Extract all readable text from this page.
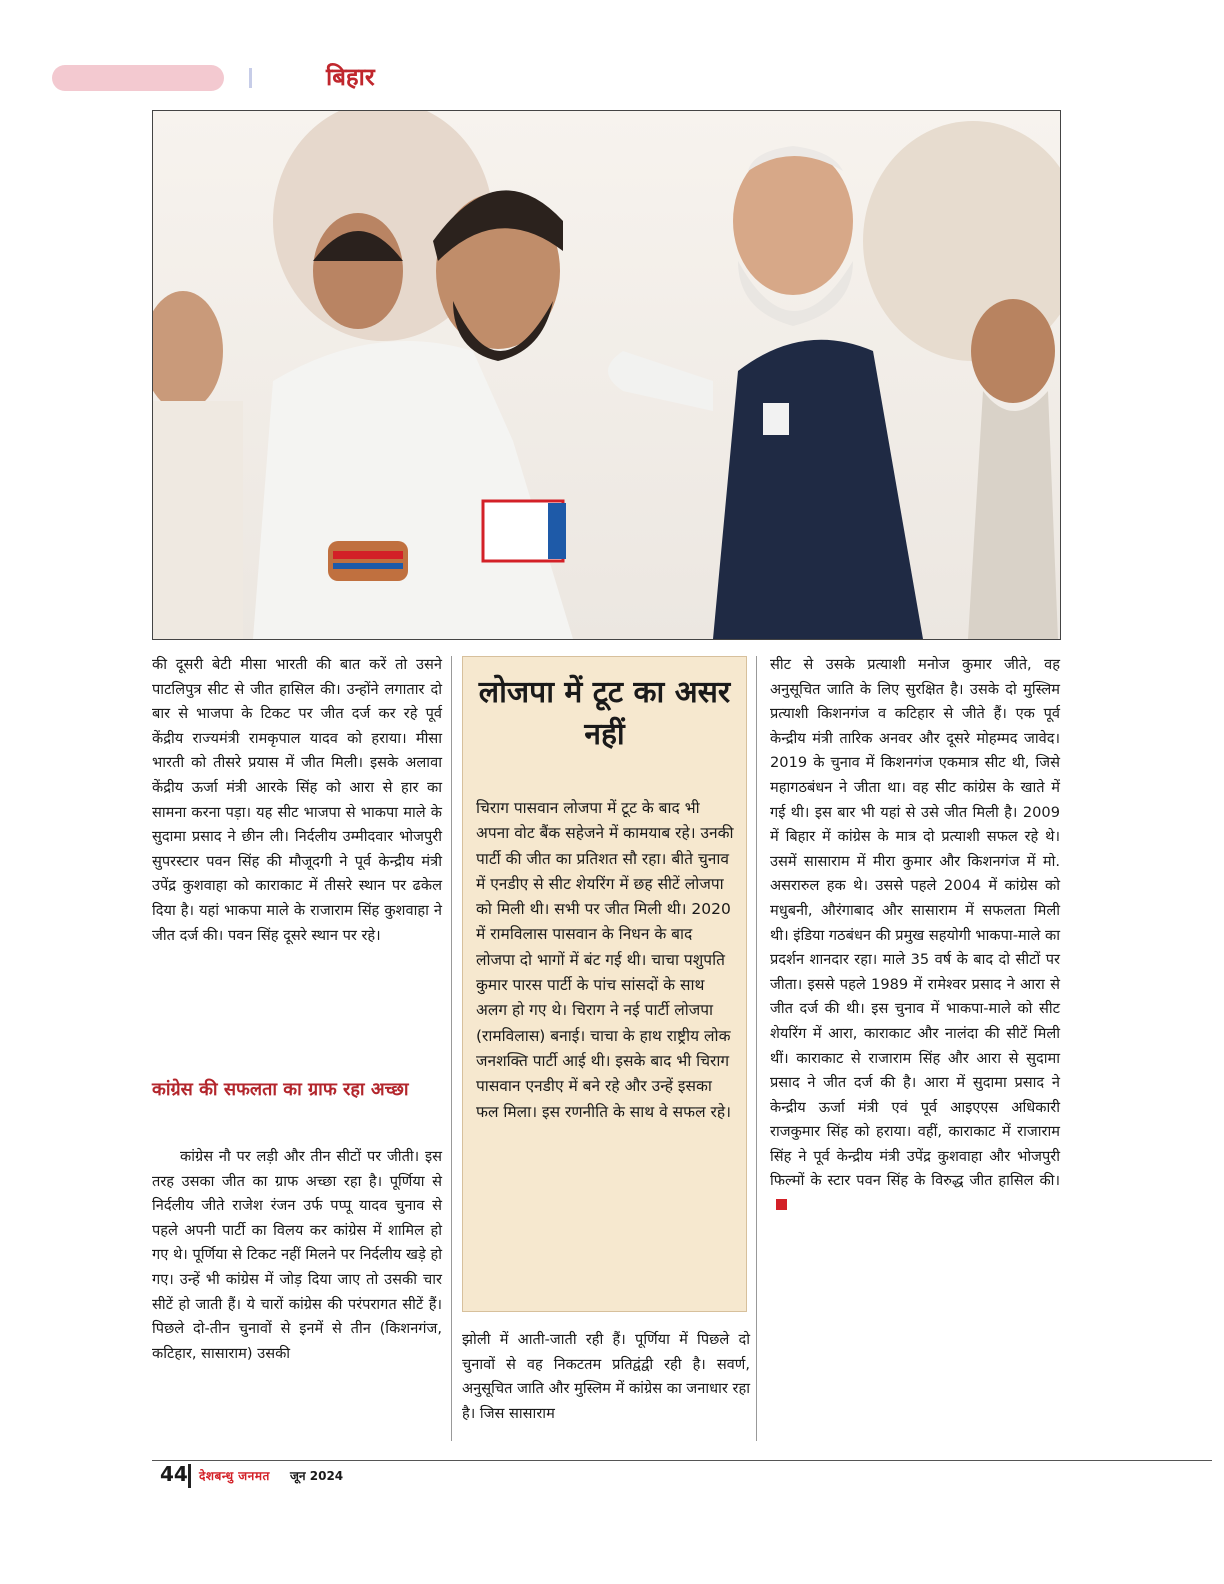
बिहार
की दूसरी बेटी मीसा भारती की बात करें तो उसने पाटलिपुत्र सीट से जीत हासिल की। उन्होंने लगातार दो बार से भाजपा के टिकट पर जीत दर्ज कर रहे पूर्व केंद्रीय राज्यमंत्री रामकृपाल यादव को हराया। मीसा भारती को तीसरे प्रयास में जीत मिली। इसके अलावा केंद्रीय ऊर्जा मंत्री आरके सिंह को आरा से हार का सामना करना पड़ा। यह सीट भाजपा से भाकपा माले के सुदामा प्रसाद ने छीन ली। निर्दलीय उम्मीदवार भोजपुरी सुपरस्टार पवन सिंह की मौजूदगी ने पूर्व केन्द्रीय मंत्री उपेंद्र कुशवाहा को काराकाट में तीसरे स्थान पर ढकेल दिया है। यहां भाकपा माले के राजाराम सिंह कुशवाहा ने जीत दर्ज की। पवन सिंह दूसरे स्थान पर रहे।
कांग्रेस की सफलता का ग्राफ रहा अच्छा
कांग्रेस नौ पर लड़ी और तीन सीटों पर जीती। इस तरह उसका जीत का ग्राफ अच्छा रहा है। पूर्णिया से निर्दलीय जीते राजेश रंजन उर्फ पप्पू यादव चुनाव से पहले अपनी पार्टी का विलय कर कांग्रेस में शामिल हो गए थे। पूर्णिया से टिकट नहीं मिलने पर निर्दलीय खड़े हो गए। उन्हें भी कांग्रेस में जोड़ दिया जाए तो उसकी चार सीटें हो जाती हैं। ये चारों कांग्रेस की परंपरागत सीटें हैं। पिछले दो-तीन चुनावों से इनमें से तीन (किशनगंज, कटिहार, सासाराम) उसकी
लोजपा में टूट का असर नहीं
चिराग पासवान लोजपा में टूट के बाद भी अपना वोट बैंक सहेजने में कामयाब रहे। उनकी पार्टी की जीत का प्रतिशत सौ रहा। बीते चुनाव में एनडीए से सीट शेयरिंग में छह सीटें लोजपा को मिली थी। सभी पर जीत मिली थी। 2020 में रामविलास पासवान के निधन के बाद लोजपा दो भागों में बंट गई थी। चाचा पशुपति कुमार पारस पार्टी के पांच सांसदों के साथ अलग हो गए थे। चिराग ने नई पार्टी लोजपा (रामविलास) बनाई। चाचा के हाथ राष्ट्रीय लोक जनशक्ति पार्टी आई थी। इसके बाद भी चिराग पासवान एनडीए में बने रहे और उन्हें इसका फल मिला। इस रणनीति के साथ वे सफल रहे।
झोली में आती-जाती रही हैं। पूर्णिया में पिछले दो चुनावों से वह निकटतम प्रतिद्वंद्वी रही है। सवर्ण, अनुसूचित जाति और मुस्लिम में कांग्रेस का जनाधार रहा है। जिस सासाराम
सीट से उसके प्रत्याशी मनोज कुमार जीते, वह अनुसूचित जाति के लिए सुरक्षित है। उसके दो मुस्लिम प्रत्याशी किशनगंज व कटिहार से जीते हैं। एक पूर्व केन्द्रीय मंत्री तारिक अनवर और दूसरे मोहम्मद जावेद। 2019 के चुनाव में किशनगंज एकमात्र सीट थी, जिसे महागठबंधन ने जीता था। वह सीट कांग्रेस के खाते में गई थी। इस बार भी यहां से उसे जीत मिली है। 2009 में बिहार में कांग्रेस के मात्र दो प्रत्याशी सफल रहे थे। उसमें सासाराम में मीरा कुमार और किशनगंज में मो. असरारुल हक थे। उससे पहले 2004 में कांग्रेस को मधुबनी, औरंगाबाद और सासाराम में सफलता मिली थी। इंडिया गठबंधन की प्रमुख सहयोगी भाकपा-माले का प्रदर्शन शानदार रहा। माले 35 वर्ष के बाद दो सीटों पर जीता। इससे पहले 1989 में रामेश्वर प्रसाद ने आरा से जीत दर्ज की थी। इस चुनाव में भाकपा-माले को सीट शेयरिंग में आरा, काराकाट और नालंदा की सीटें मिली थीं। काराकाट से राजाराम सिंह और आरा से सुदामा प्रसाद ने जीत दर्ज की है। आरा में सुदामा प्रसाद ने केन्द्रीय ऊर्जा मंत्री एवं पूर्व आइएएस अधिकारी राजकुमार सिंह को हराया। वहीं, काराकाट में राजाराम सिंह ने पूर्व केन्द्रीय मंत्री उपेंद्र कुशवाहा और भोजपुरी फिल्मों के स्टार पवन सिंह के विरुद्ध जीत हासिल की।
44 देशबन्धु जनमत जून 2024
